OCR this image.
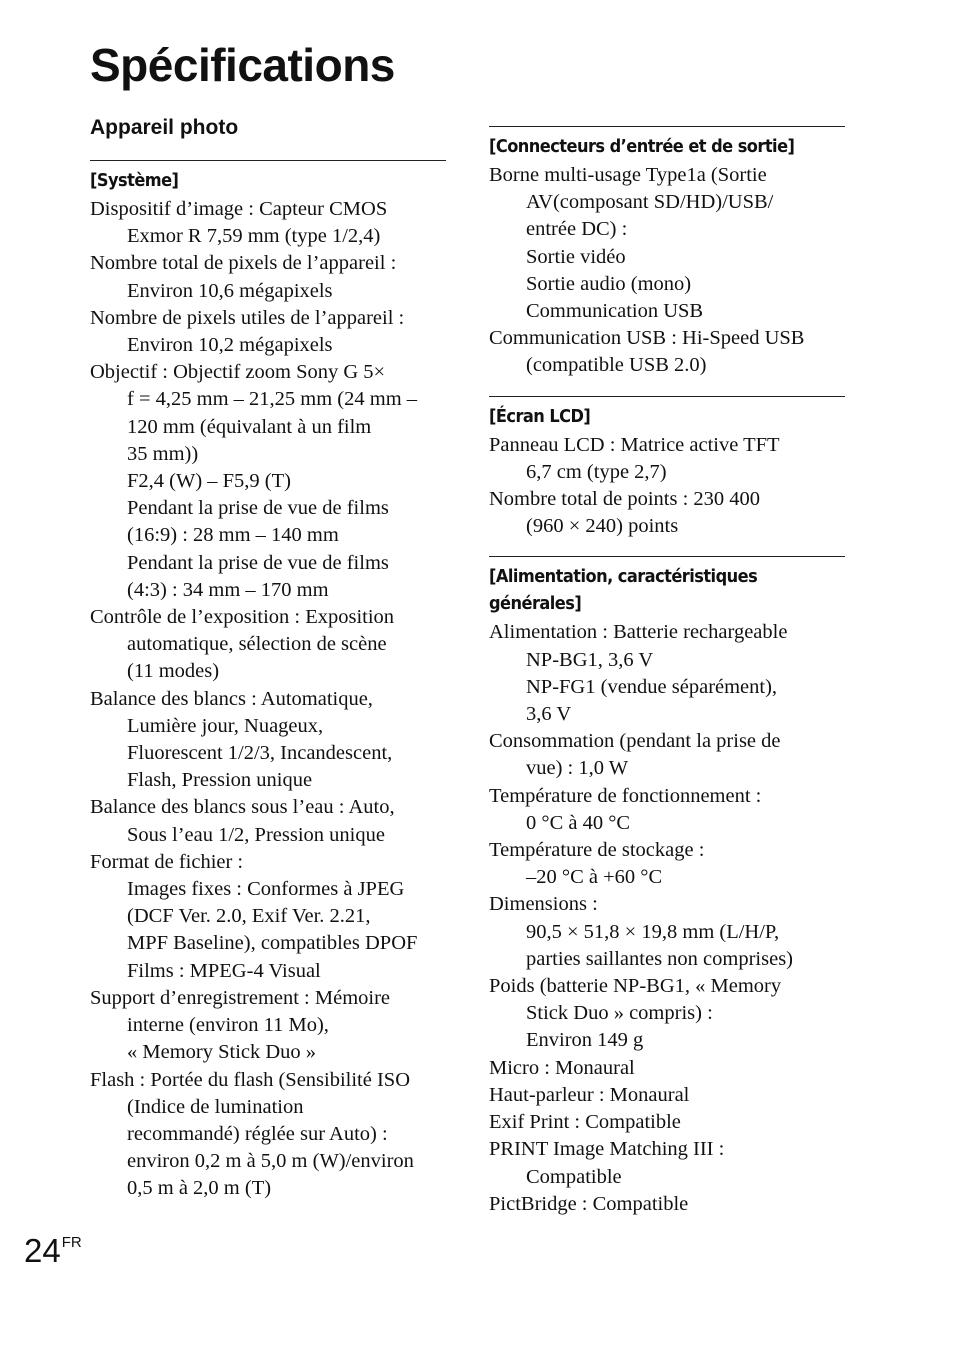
Spécifications
Appareil photo
[Système]
Dispositif d’image : Capteur CMOS
Exmor R 7,59 mm (type 1/2,4)
Nombre total de pixels de l’appareil :
Environ 10,6 mégapixels
Nombre de pixels utiles de l’appareil :
Environ 10,2 mégapixels
Objectif : Objectif zoom Sony G 5×
f = 4,25 mm – 21,25 mm (24 mm –
120 mm (équivalant à un film
35 mm))
F2,4 (W) – F5,9 (T)
Pendant la prise de vue de films
(16:9) : 28 mm – 140 mm
Pendant la prise de vue de films
(4:3) : 34 mm – 170 mm
Contrôle de l’exposition : Exposition
automatique, sélection de scène
(11 modes)
Balance des blancs : Automatique,
Lumière jour, Nuageux,
Fluorescent 1/2/3, Incandescent,
Flash, Pression unique
Balance des blancs sous l’eau : Auto,
Sous l’eau 1/2, Pression unique
Format de fichier :
Images fixes : Conformes à JPEG
(DCF Ver. 2.0, Exif Ver. 2.21,
MPF Baseline), compatibles DPOF
Films : MPEG-4 Visual
Support d’enregistrement : Mémoire
interne (environ 11 Mo),
« Memory Stick Duo »
Flash : Portée du flash (Sensibilité ISO
(Indice de lumination
recommandé) réglée sur Auto) :
environ 0,2 m à 5,0 m (W)/environ
0,5 m à 2,0 m (T)
[Connecteurs d’entrée et de sortie]
Borne multi-usage Type1a (Sortie
AV(composant SD/HD)/USB/
entrée DC) :
Sortie vidéo
Sortie audio (mono)
Communication USB
Communication USB : Hi-Speed USB
(compatible USB 2.0)
[Écran LCD]
Panneau LCD : Matrice active TFT
6,7 cm (type 2,7)
Nombre total de points : 230 400
(960 × 240) points
[Alimentation, caractéristiques
générales]
Alimentation : Batterie rechargeable
NP-BG1, 3,6 V
NP-FG1 (vendue séparément),
3,6 V
Consommation (pendant la prise de
vue) : 1,0 W
Température de fonctionnement :
0 °C à 40 °C
Température de stockage :
–20 °C à +60 °C
Dimensions :
90,5 × 51,8 × 19,8 mm (L/H/P,
parties saillantes non comprises)
Poids (batterie NP-BG1, « Memory
Stick Duo » compris) :
Environ 149 g
Micro : Monaural
Haut-parleur : Monaural
Exif Print : Compatible
PRINT Image Matching III :
Compatible
PictBridge : Compatible
$24^{FR}$
